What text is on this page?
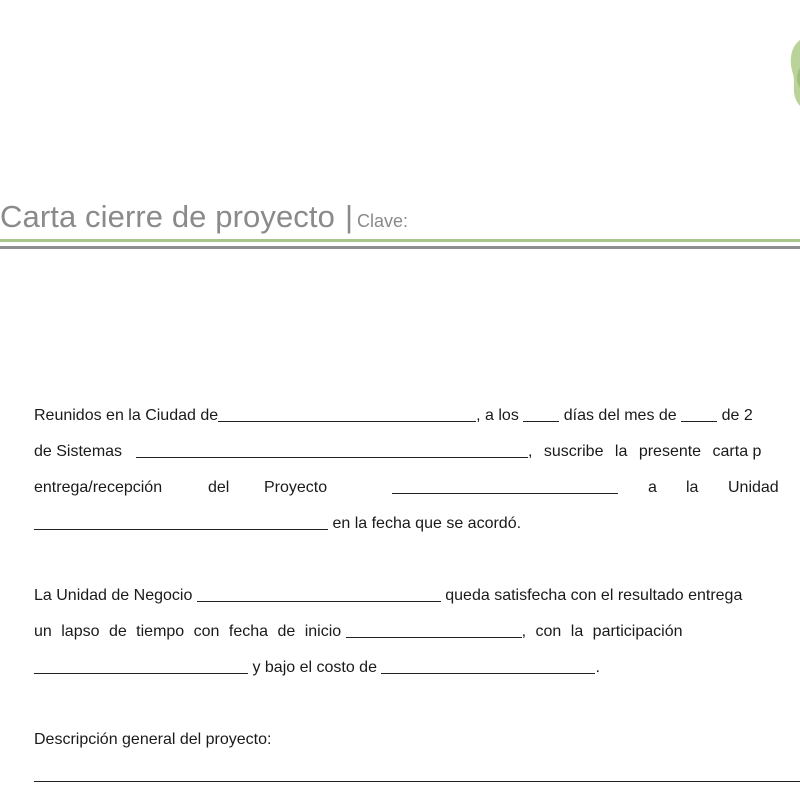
Carta cierre de proyecto | Clave:
Reunidos en la Ciudad de	, a los	días del mes de	de 2
de Sistemas	, suscribe la presente carta p
entrega/recepción	del Proyecto	a la Unidad
en la fecha que se acordó.
La Unidad de Negocio	queda satisfecha con el resultado entrega
un lapso de tiempo con fecha de inicio	, con la participación
y bajo el costo de	.
Descripción general del proyecto:
